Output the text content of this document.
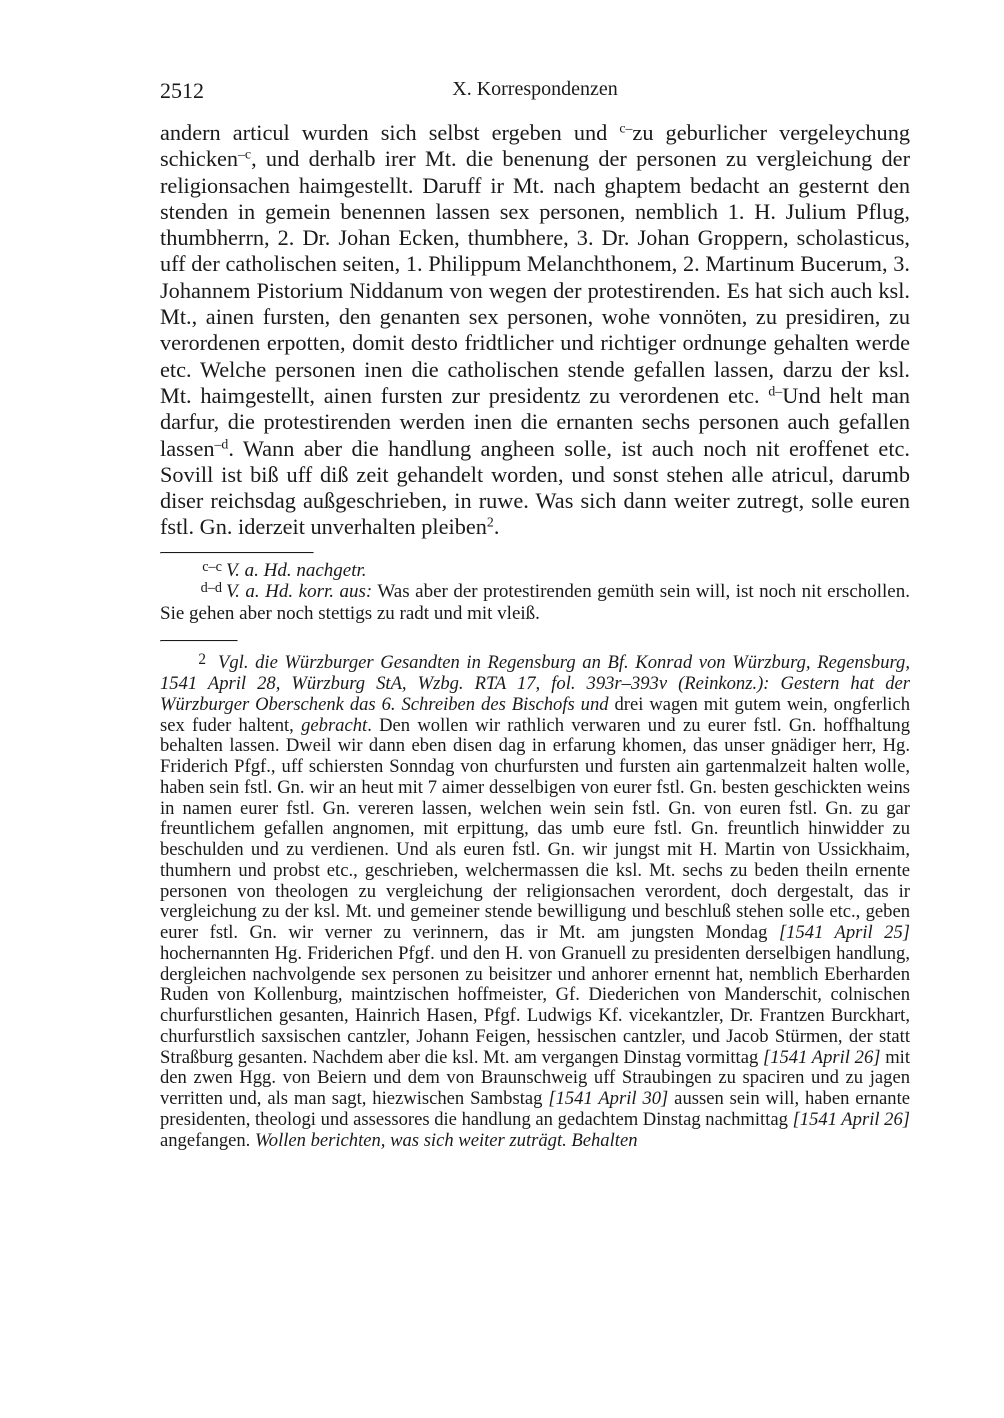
2512	X. Korrespondenzen

andern articul wurden sich selbst ergeben und $^{c-}$zu geburlicher vergeleychung schicken$^{-c}$, und derhalb irer Mt. die benenung der personen zu vergleichung der religionsachen haimgestellt. Daruff ir Mt. nach ghaptem bedacht an gesternt den stenden in gemein benennen lassen sex personen, nemblich 1. H. Julium Pflug, thumbherrn, 2. Dr. Johan Ecken, thumbhere, 3. Dr. Johan Groppern, scholasticus, uff der catholischen seiten, 1. Philippum Melanchthonem, 2. Martinum Bucerum, 3. Johannem Pistorium Niddanum von wegen der protestirenden. Es hat sich auch ksl. Mt., ainen fursten, den genanten sex personen, wohe vonnöten, zu presidiren, zu verordenen erpotten, domit desto fridtlicher und richtiger ordnunge gehalten werde etc. Welche personen inen die catholischen stende gefallen lassen, darzu der ksl. Mt. haimgestellt, ainen fursten zur presidentz zu verordenen etc. $^{d-}$Und helt man darfur, die protestirenden werden inen die ernanten sechs personen auch gefallen lassen$^{-d}$. Wann aber die handlung angheen solle, ist auch noch nit eroffenet etc. Sovill ist biß uff diß zeit gehandelt worden, und sonst stehen alle atricul, darumb diser reichsdag außgeschrieben, in ruwe. Was sich dann weiter zutregt, solle euren fstl. Gn. iderzeit unverhalten pleiben$^2$.

c–c V. a. Hd. nachgetr.

d–d V. a. Hd. korr. aus: Was aber der protestirenden gemüth sein will, ist noch nit erschollen. Sie gehen aber noch stettigs zu radt und mit vleiß.

2 Vgl. die Würzburger Gesandten in Regensburg an Bf. Konrad von Würzburg, Regensburg, 1541 April 28, Würzburg StA, Wzbg. RTA 17, fol. 393r–393v (Reinkonz.): Gestern hat der Würzburger Oberschenk das 6. Schreiben des Bischofs und drei wagen mit gutem wein, ongferlich sex fuder haltent, gebracht. Den wollen wir rathlich verwaren und zu eurer fstl. Gn. hoffhaltung behalten lassen. Dweil wir dann eben disen dag in erfarung khomen, das unser gnädiger herr, Hg. Friderich Pfgf., uff schiersten Sonndag von churfursten und fursten ain gartenmalzeit halten wolle, haben sein fstl. Gn. wir an heut mit 7 aimer desselbigen von eurer fstl. Gn. besten geschickten weins in namen eurer fstl. Gn. vereren lassen, welchen wein sein fstl. Gn. von euren fstl. Gn. zu gar freuntlichem gefallen angnomen, mit erpittung, das umb eure fstl. Gn. freuntlich hinwidder zu beschulden und zu verdienen. Und als euren fstl. Gn. wir jungst mit H. Martin von Ussickhaim, thumhern und probst etc., geschrieben, welchermassen die ksl. Mt. sechs zu beden theiln ernente personen von theologen zu vergleichung der religionsachen verordent, doch dergestalt, das ir vergleichung zu der ksl. Mt. und gemeiner stende bewilligung und beschluß stehen solle etc., geben eurer fstl. Gn. wir verner zu verinnern, das ir Mt. am jungsten Mondag [1541 April 25] hochernannten Hg. Friderichen Pfgf. und den H. von Granuell zu presidenten derselbigen handlung, dergleichen nachvolgende sex personen zu beisitzer und anhorer ernennt hat, nemblich Eberharden Ruden von Kollenburg, maintzischen hoffmeister, Gf. Diederichen von Manderschit, colnischen churfurstlichen gesanten, Hainrich Hasen, Pfgf. Ludwigs Kf. vicekantzler, Dr. Frantzen Burckhart, churfurstlich saxsischen cantzler, Johann Feigen, hessischen cantzler, und Jacob Stürmen, der statt Straßburg gesanten. Nachdem aber die ksl. Mt. am vergangen Dinstag vormittag [1541 April 26] mit den zwen Hgg. von Beiern und dem von Braunschweig uff Straubingen zu spaciren und zu jagen verritten und, als man sagt, hiezwischen Sambstag [1541 April 30] aussen sein will, haben ernante presidenten, theologi und assessores die handlung an gedachtem Dinstag nachmittag [1541 April 26] angefangen. Wollen berichten, was sich weiter zuträgt. Behalten
